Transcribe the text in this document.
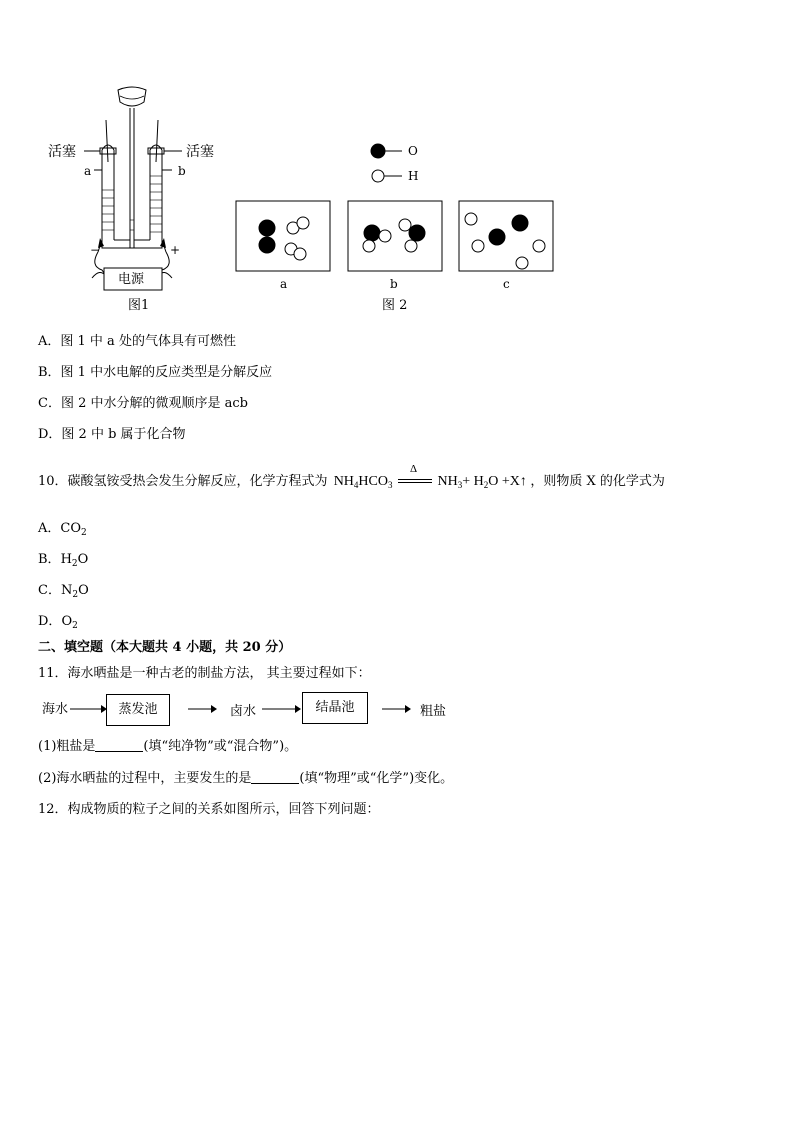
活塞	活塞
a	b
−	+
电源
图1
O
H
a	b	c
图 2
A．图 1 中 a 处的气体具有可燃性
B．图 1 中水电解的反应类型是分解反应
C．图 2 中水分解的微观顺序是 acb
D．图 2 中 b 属于化合物
10．碳酸氢铵受热会发生分解反应，化学方程式为 $NH_4HCO_3$
Δ
$NH_3+ H_2O$ +X↑ ，则物质 X 的化学式为
A．$CO_2$
B．$H_2O$
C．$N_2O$
D．$O_2$
二、填空题（本大题共 4 小题，共 20 分）
11．海水晒盐是一种古老的制盐方法， 其主要过程如下：
海水	蒸发池	卤水	结晶池	粗盐
(1)粗盐是	(填“纯净物”或“混合物”)。
(2)海水晒盐的过程中，主要发生的是	(填“物理”或“化学”)变化。
12．构成物质的粒子之间的关系如图所示，回答下列问题：
